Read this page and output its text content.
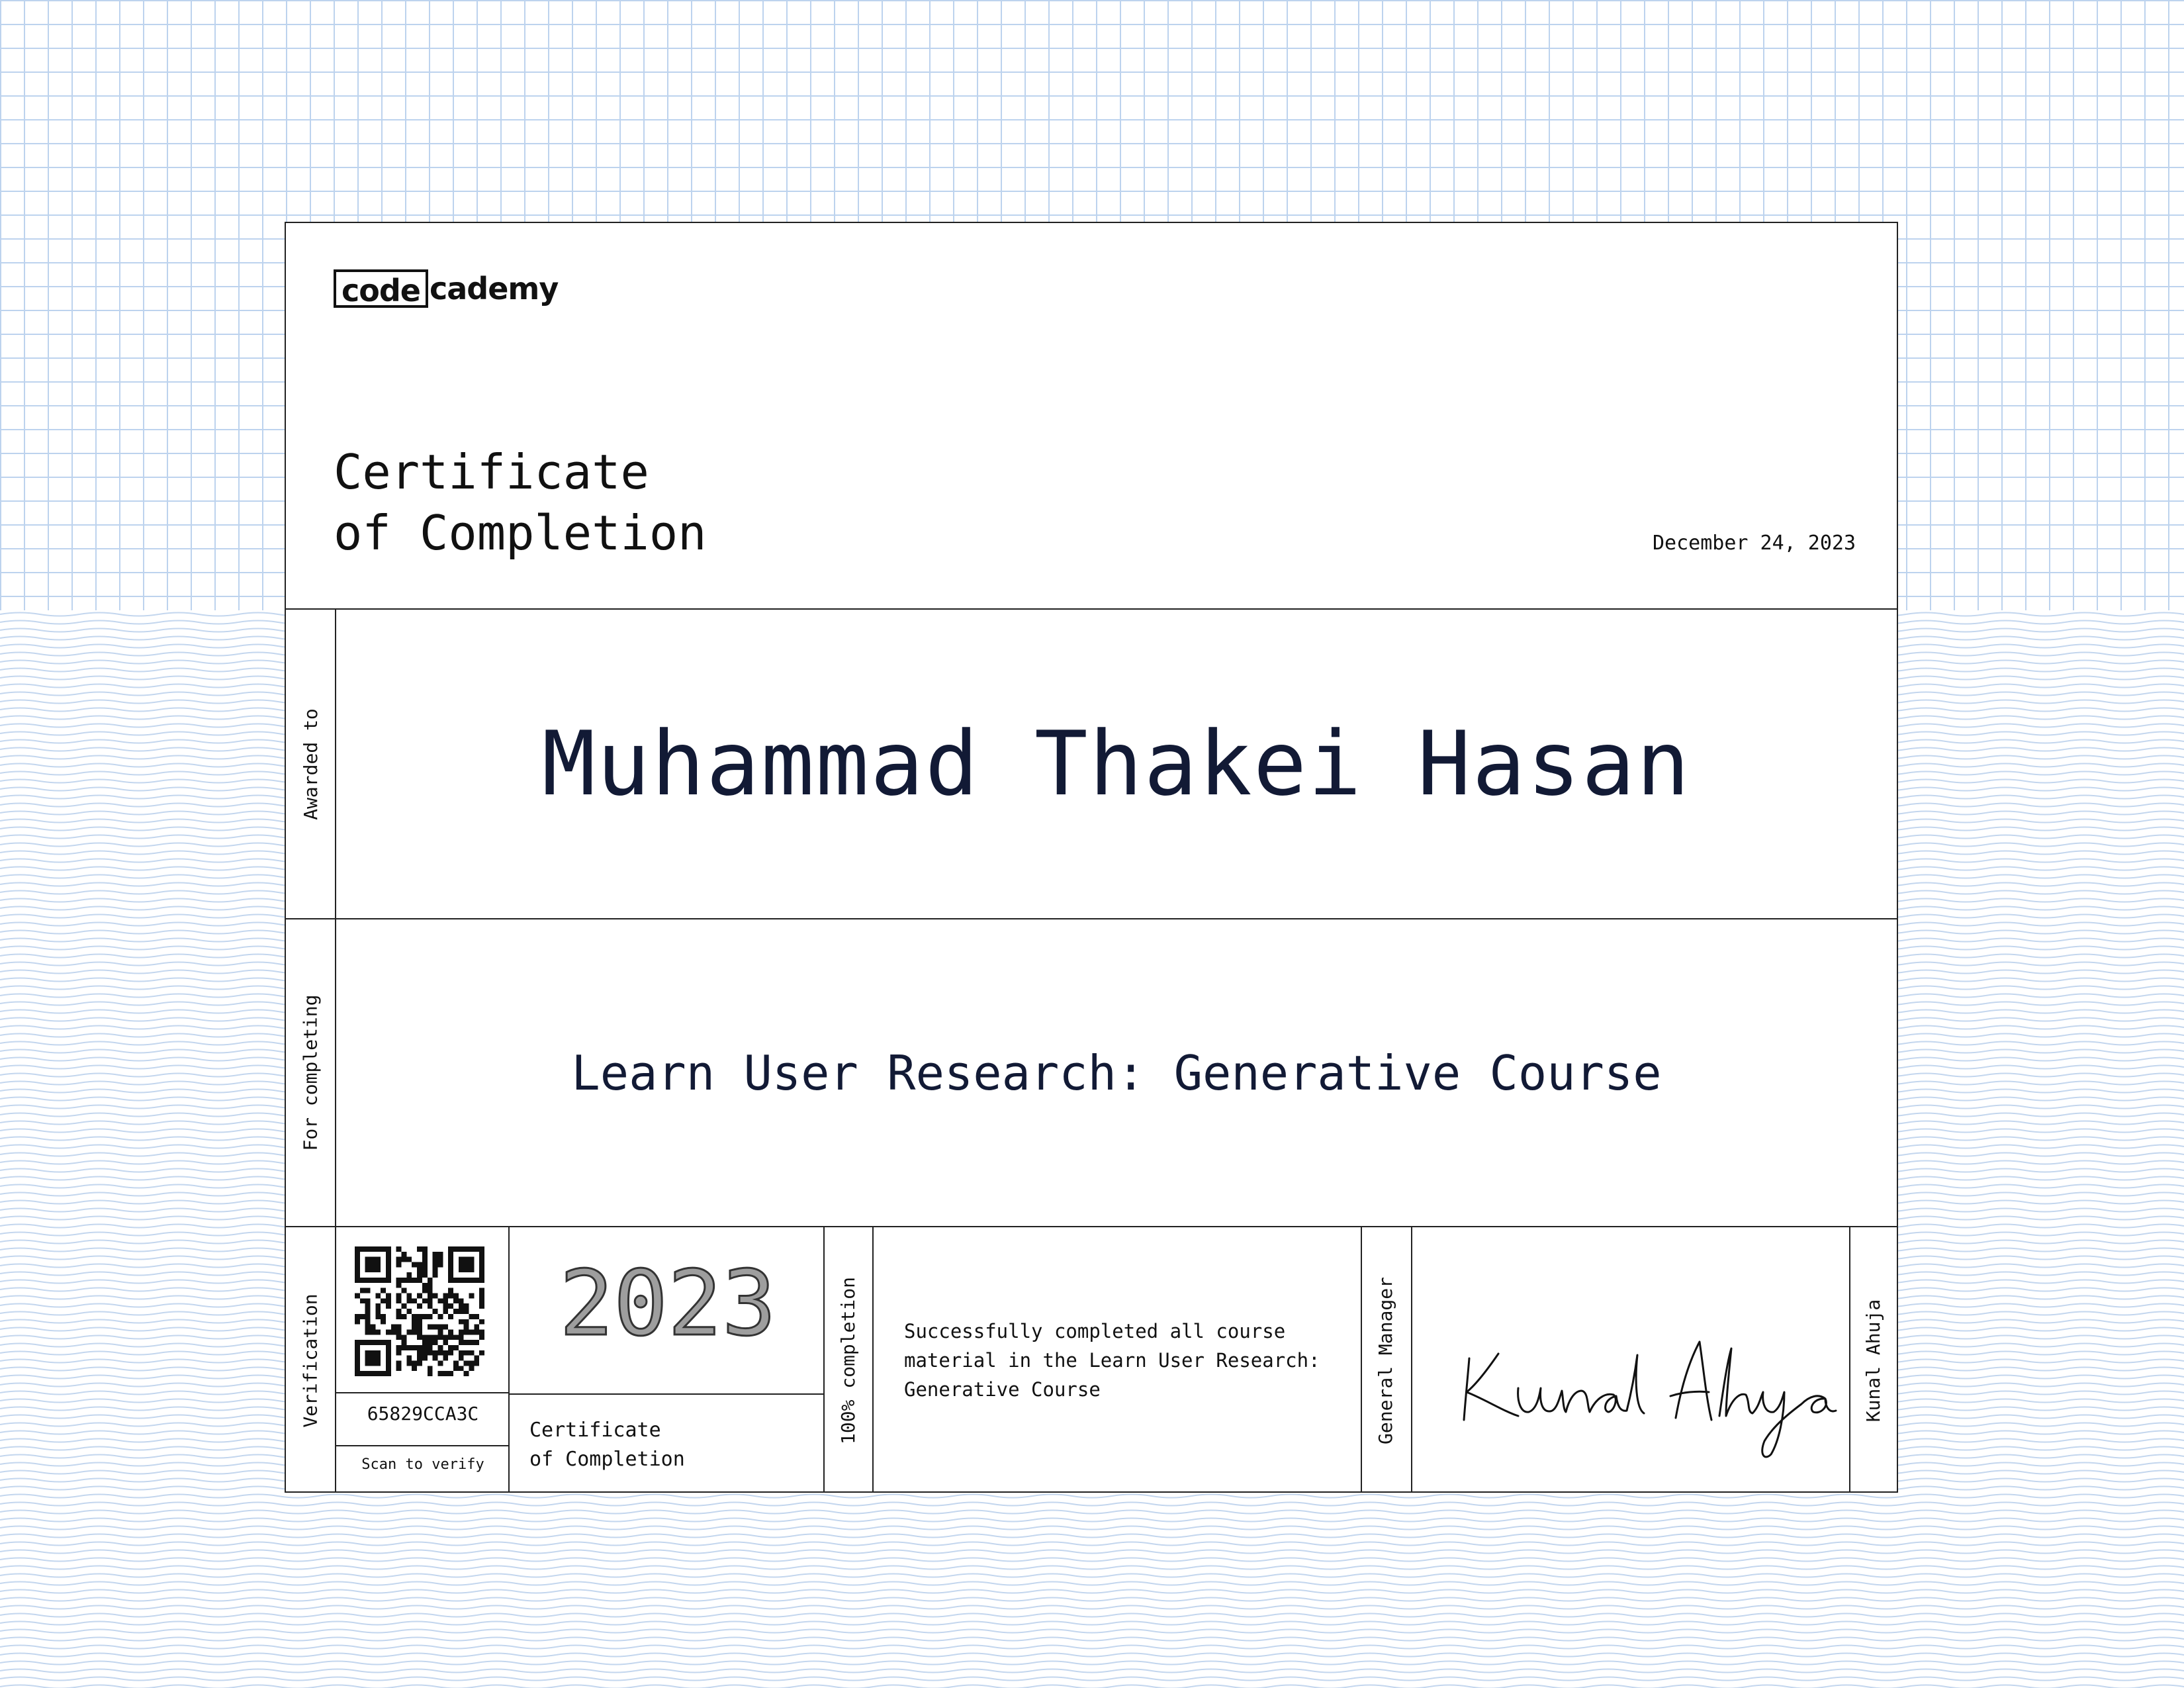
code cademy
Certificate
of Completion	December 24, 2023
Awarded to	Muhammad Thakei Hasan
For completing	Learn User Research: Generative Course
Verification	65829CCA3C
Scan to verify
2023
Certificate
of Completion
100% completion Successfully completed all course material in the Learn User Research: Generative Course	General Manager	Kunal Ahuja
